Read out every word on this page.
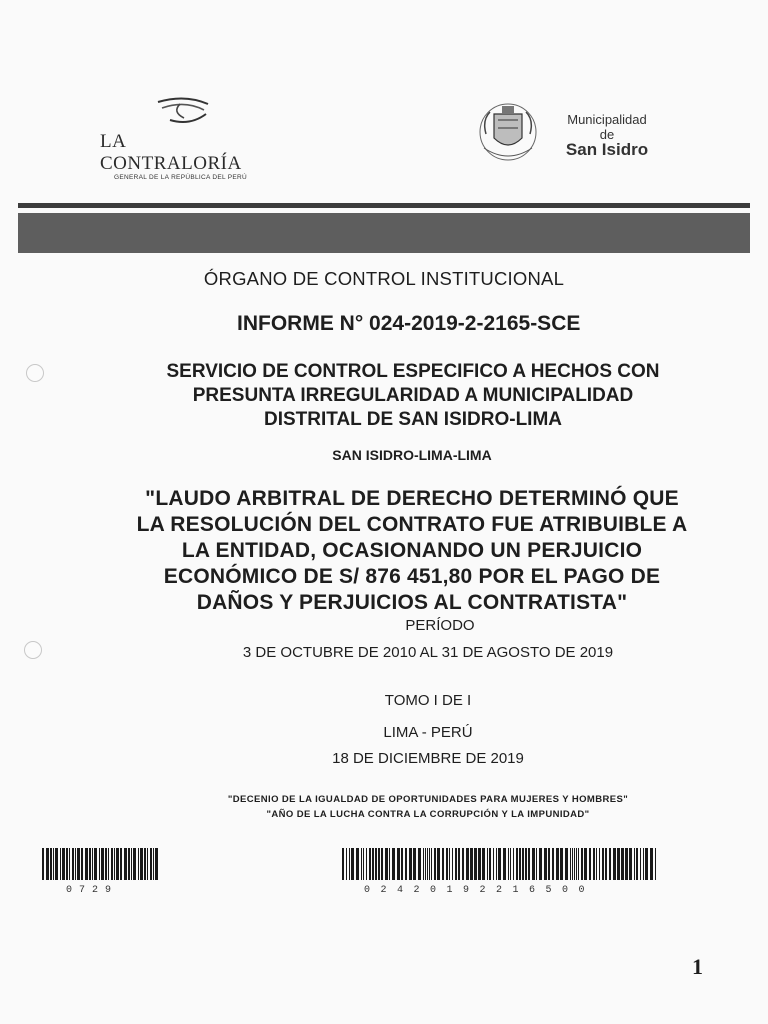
LA CONTRALORÍA
GENERAL DE LA REPÚBLICA DEL PERÚ
Municipalidad
de
San Isidro
ÓRGANO DE CONTROL INSTITUCIONAL
INFORME N° 024-2019-2-2165-SCE
SERVICIO DE CONTROL ESPECIFICO A HECHOS CON
PRESUNTA IRREGULARIDAD A MUNICIPALIDAD
DISTRITAL DE SAN ISIDRO-LIMA
SAN ISIDRO-LIMA-LIMA
"LAUDO ARBITRAL DE DERECHO DETERMINÓ QUE
LA RESOLUCIÓN DEL CONTRATO FUE ATRIBUIBLE A
LA ENTIDAD, OCASIONANDO UN PERJUICIO
ECONÓMICO DE S/ 876 451,80 POR EL PAGO DE
DAÑOS Y PERJUICIOS AL CONTRATISTA"
PERÍODO
3 DE OCTUBRE DE 2010 AL 31 DE AGOSTO DE 2019
TOMO I DE I
LIMA - PERÚ
18 DE DICIEMBRE DE 2019
"DECENIO DE LA IGUALDAD DE OPORTUNIDADES PARA MUJERES Y HOMBRES"
"AÑO DE LA LUCHA CONTRA LA CORRUPCIÓN Y LA IMPUNIDAD"
0729	02420192216500
1
